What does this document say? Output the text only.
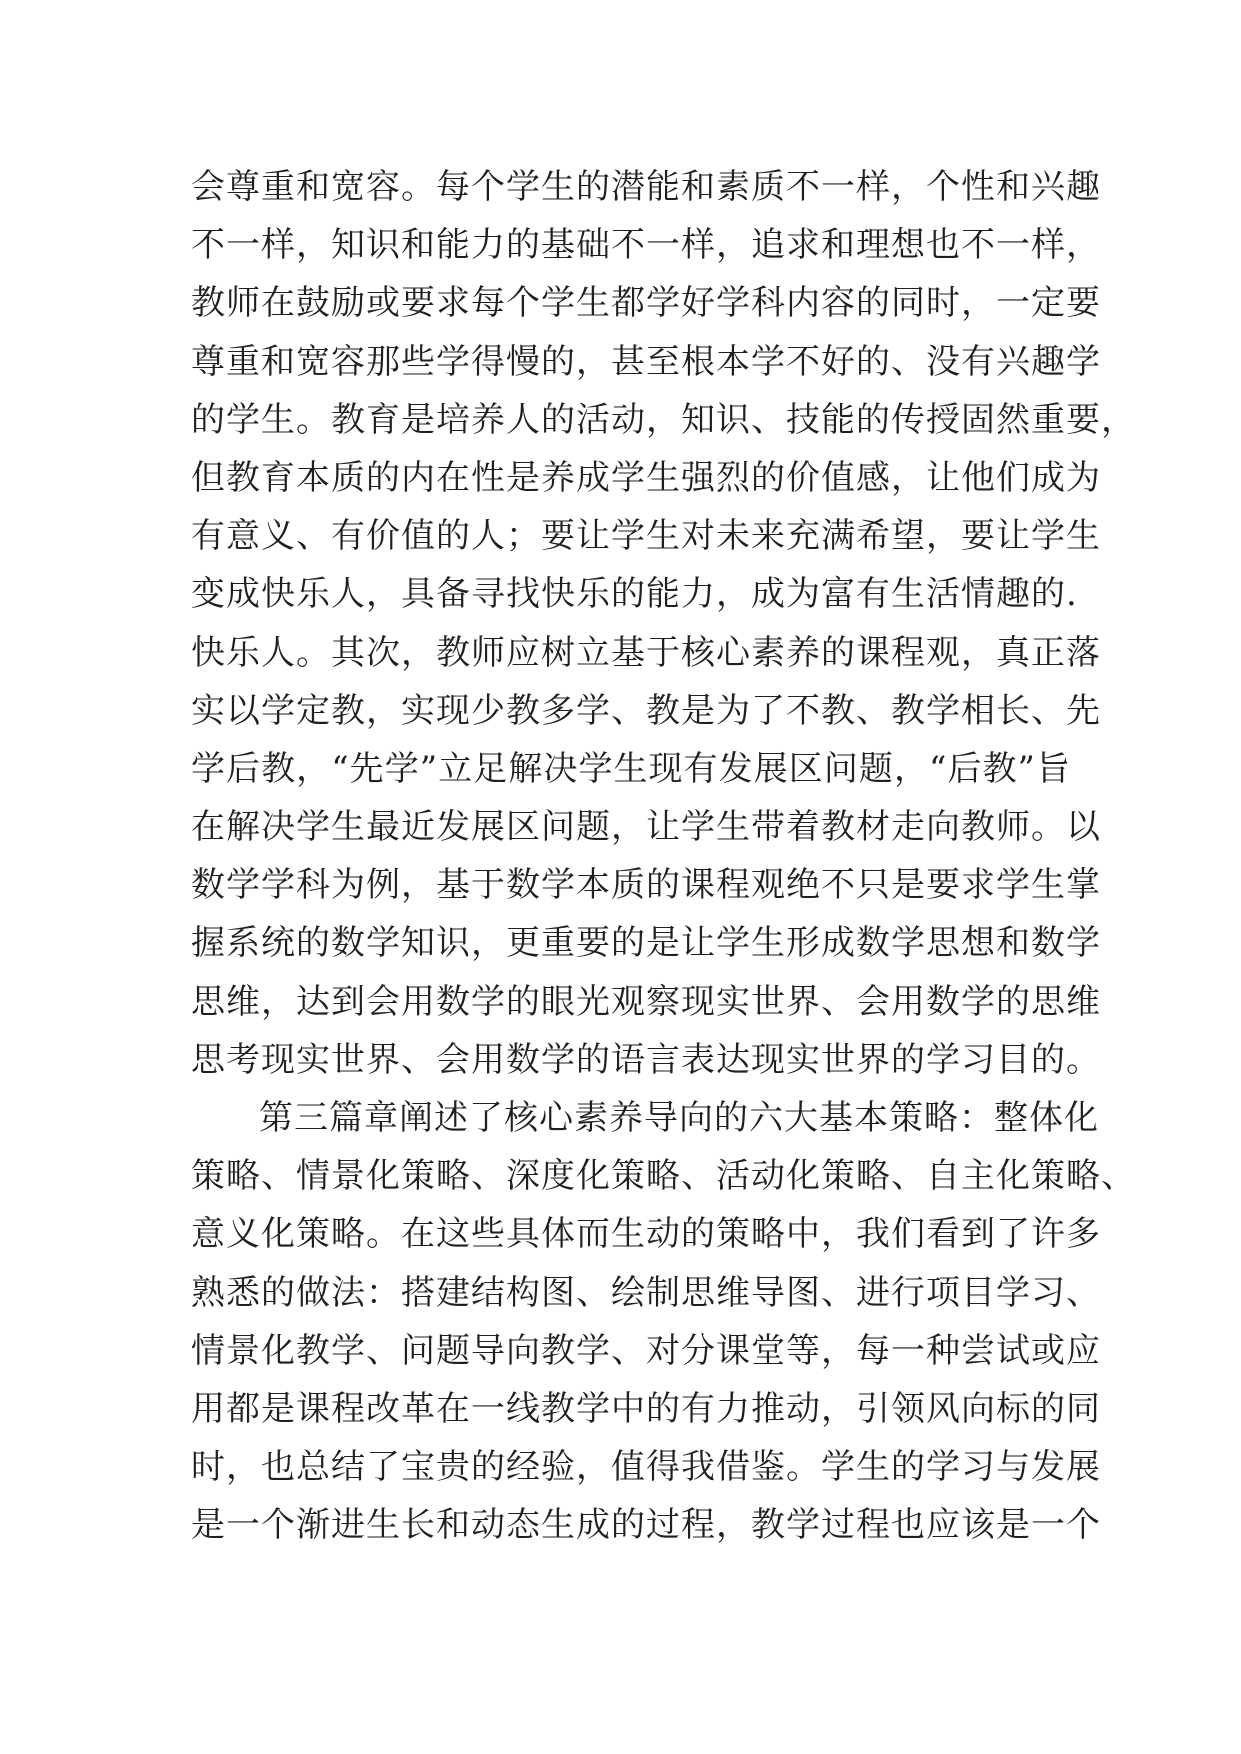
会尊重和宽容。每个学生的潜能和素质不一样，个性和兴趣
不一样，知识和能力的基础不一样，追求和理想也不一样，
教师在鼓励或要求每个学生都学好学科内容的同时，一定要
尊重和宽容那些学得慢的，甚至根本学不好的、没有兴趣学
的学生。教育是培养人的活动，知识、技能的传授固然重要，
但教育本质的内在性是养成学生强烈的价值感，让他们成为
有意义、有价值的人；要让学生对未来充满希望，要让学生
变成快乐人，具备寻找快乐的能力，成为富有生活情趣的.
快乐人。其次，教师应树立基于核心素养的课程观，真正落
实以学定教，实现少教多学、教是为了不教、教学相长、先
学后教，“先学”立足解决学生现有发展区问题，“后教”旨
在解决学生最近发展区问题，让学生带着教材走向教师。以
数学学科为例，基于数学本质的课程观绝不只是要求学生掌
握系统的数学知识，更重要的是让学生形成数学思想和数学
思维，达到会用数学的眼光观察现实世界、会用数学的思维
思考现实世界、会用数学的语言表达现实世界的学习目的。
第三篇章阐述了核心素养导向的六大基本策略：整体化
策略、情景化策略、深度化策略、活动化策略、自主化策略、
意义化策略。在这些具体而生动的策略中，我们看到了许多
熟悉的做法：搭建结构图、绘制思维导图、进行项目学习、
情景化教学、问题导向教学、对分课堂等，每一种尝试或应
用都是课程改革在一线教学中的有力推动，引领风向标的同
时，也总结了宝贵的经验，值得我借鉴。学生的学习与发展
是一个渐进生长和动态生成的过程，教学过程也应该是一个
